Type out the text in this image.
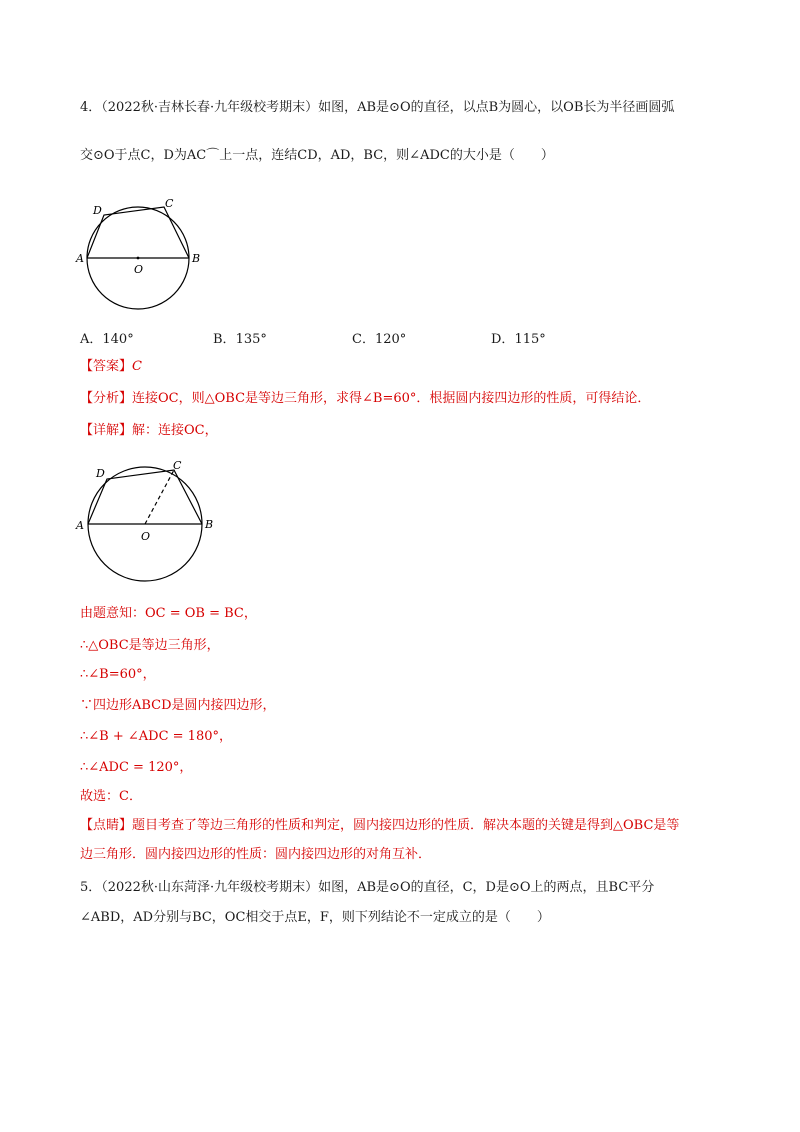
4．（2022秋·吉林长春·九年级校考期末）如图，AB是⊙O的直径，以点B为圆心，以OB长为半径画圆弧
交⊙O于点C，D为AC⌒上一点，连结CD，AD，BC，则∠ADC的大小是（　　）
A	B
C
D
O
A．140°	B．135°	C．120°	D．115°
【答案】C
【分析】连接OC，则△OBC是等边三角形，求得∠B=60°．根据圆内接四边形的性质，可得结论．
【详解】解：连接OC，
A	B
C
D
O
由题意知：OC = OB = BC，
∴△OBC是等边三角形，
∴∠B=60°，
∵四边形ABCD是圆内接四边形，
∴∠B + ∠ADC = 180°，
∴∠ADC = 120°，
故选：C．
【点睛】题目考查了等边三角形的性质和判定，圆内接四边形的性质．解决本题的关键是得到△OBC是等
边三角形．圆内接四边形的性质：圆内接四边形的对角互补．
5．（2022秋·山东菏泽·九年级校考期末）如图，AB是⊙O的直径，C，D是⊙O上的两点，且BC平分
∠ABD，AD分别与BC，OC相交于点E，F，则下列结论不一定成立的是（　　）
